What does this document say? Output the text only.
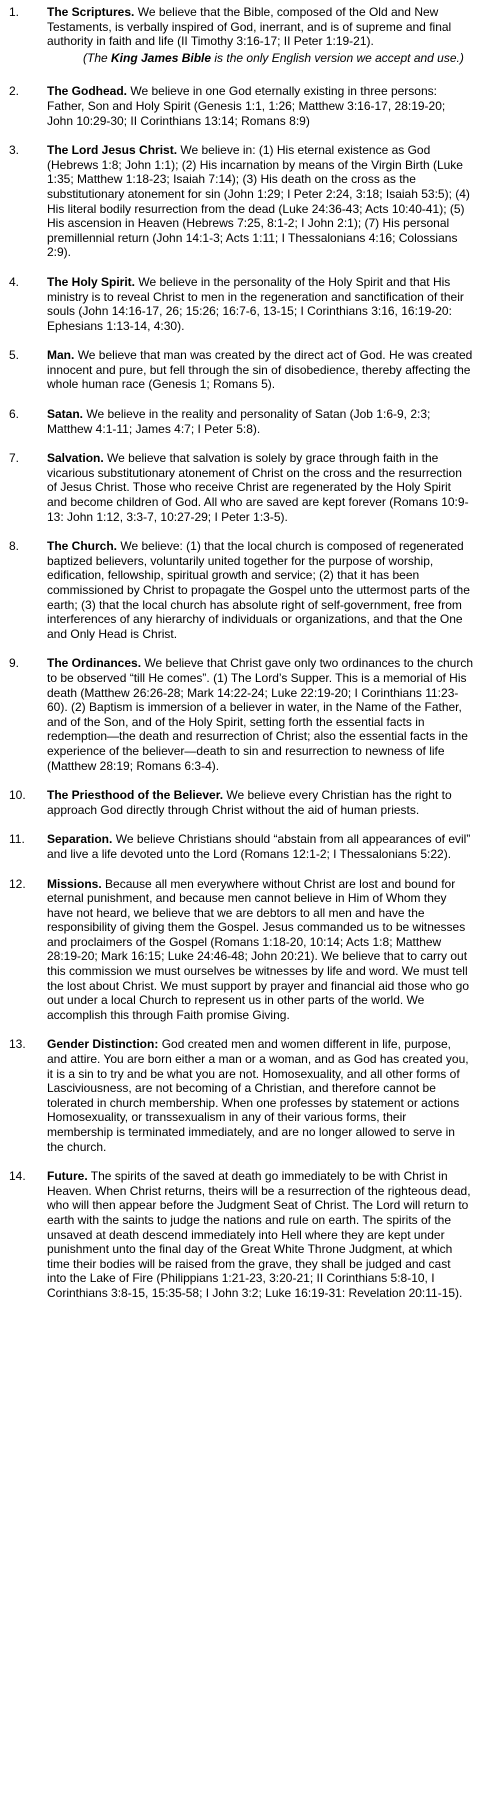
1.	The Scriptures. We believe that the Bible, composed of the Old and New Testaments, is verbally inspired of God, inerrant, and is of supreme and final authority in faith and life (II Timothy 3:16-17; II Peter 1:19-21).
(The King James Bible is the only English version we accept and use.)
2.	The Godhead. We believe in one God eternally existing in three persons: Father, Son and Holy Spirit (Genesis 1:1, 1:26; Matthew 3:16-17, 28:19-20; John 10:29-30; II Corinthians 13:14; Romans 8:9)
3.	The Lord Jesus Christ. We believe in: (1) His eternal existence as God (Hebrews 1:8; John 1:1); (2) His incarnation by means of the Virgin Birth (Luke 1:35; Matthew 1:18-23; Isaiah 7:14); (3) His death on the cross as the substitutionary atonement for sin (John 1:29; I Peter 2:24, 3:18; Isaiah 53:5); (4) His literal bodily resurrection from the dead (Luke 24:36-43; Acts 10:40-41); (5) His ascension in Heaven (Hebrews 7:25, 8:1-2; I John 2:1); (7) His personal premillennial return (John 14:1-3; Acts 1:11; I Thessalonians 4:16; Colossians 2:9).
4.	The Holy Spirit. We believe in the personality of the Holy Spirit and that His ministry is to reveal Christ to men in the regeneration and sanctification of their souls (John 14:16-17, 26; 15:26; 16:7-6, 13-15; I Corinthians 3:16, 16:19-20: Ephesians 1:13-14, 4:30).
5.	Man. We believe that man was created by the direct act of God. He was created innocent and pure, but fell through the sin of disobedience, thereby affecting the whole human race (Genesis 1; Romans 5).
6.	Satan. We believe in the reality and personality of Satan (Job 1:6-9, 2:3; Matthew 4:1-11; James 4:7; I Peter 5:8).
7.	Salvation. We believe that salvation is solely by grace through faith in the vicarious substitutionary atonement of Christ on the cross and the resurrection of Jesus Christ. Those who receive Christ are regenerated by the Holy Spirit and become children of God. All who are saved are kept forever (Romans 10:9-13: John 1:12, 3:3-7, 10:27-29; I Peter 1:3-5).
8.	The Church. We believe: (1) that the local church is composed of regenerated baptized believers, voluntarily united together for the purpose of worship, edification, fellowship, spiritual growth and service; (2) that it has been commissioned by Christ to propagate the Gospel unto the uttermost parts of the earth; (3) that the local church has absolute right of self-government, free from interferences of any hierarchy of individuals or organizations, and that the One and Only Head is Christ.
9.	The Ordinances. We believe that Christ gave only two ordinances to the church to be observed “till He comes”. (1) The Lord’s Supper. This is a memorial of His death (Matthew 26:26-28; Mark 14:22-24; Luke 22:19-20; I Corinthians 11:23-60). (2) Baptism is immersion of a believer in water, in the Name of the Father, and of the Son, and of the Holy Spirit, setting forth the essential facts in redemption—the death and resurrection of Christ; also the essential facts in the experience of the believer—death to sin and resurrection to newness of life (Matthew 28:19; Romans 6:3-4).
10.	The Priesthood of the Believer. We believe every Christian has the right to approach God directly through Christ without the aid of human priests.
11.	Separation. We believe Christians should “abstain from all appearances of evil” and live a life devoted unto the Lord (Romans 12:1-2; I Thessalonians 5:22).
12.	Missions. Because all men everywhere without Christ are lost and bound for eternal punishment, and because men cannot believe in Him of Whom they have not heard, we believe that we are debtors to all men and have the responsibility of giving them the Gospel. Jesus commanded us to be witnesses and proclaimers of the Gospel (Romans 1:18-20, 10:14; Acts 1:8; Matthew 28:19-20; Mark 16:15; Luke 24:46-48; John 20:21). We believe that to carry out this commission we must ourselves be witnesses by life and word. We must tell the lost about Christ. We must support by prayer and financial aid those who go out under a local Church to represent us in other parts of the world. We accomplish this through Faith promise Giving.
13.	Gender Distinction: God created men and women different in life, purpose, and attire. You are born either a man or a woman, and as God has created you, it is a sin to try and be what you are not. Homosexuality, and all other forms of Lasciviousness, are not becoming of a Christian, and therefore cannot be tolerated in church membership. When one professes by statement or actions Homosexuality, or transsexualism in any of their various forms, their membership is terminated immediately, and are no longer allowed to serve in the church.
14.	Future. The spirits of the saved at death go immediately to be with Christ in Heaven. When Christ returns, theirs will be a resurrection of the righteous dead, who will then appear before the Judgment Seat of Christ. The Lord will return to earth with the saints to judge the nations and rule on earth. The spirits of the unsaved at death descend immediately into Hell where they are kept under punishment unto the final day of the Great White Throne Judgment, at which time their bodies will be raised from the grave, they shall be judged and cast into the Lake of Fire (Philippians 1:21-23, 3:20-21; II Corinthians 5:8-10, I Corinthians 3:8-15, 15:35-58; I John 3:2; Luke 16:19-31: Revelation 20:11-15).
